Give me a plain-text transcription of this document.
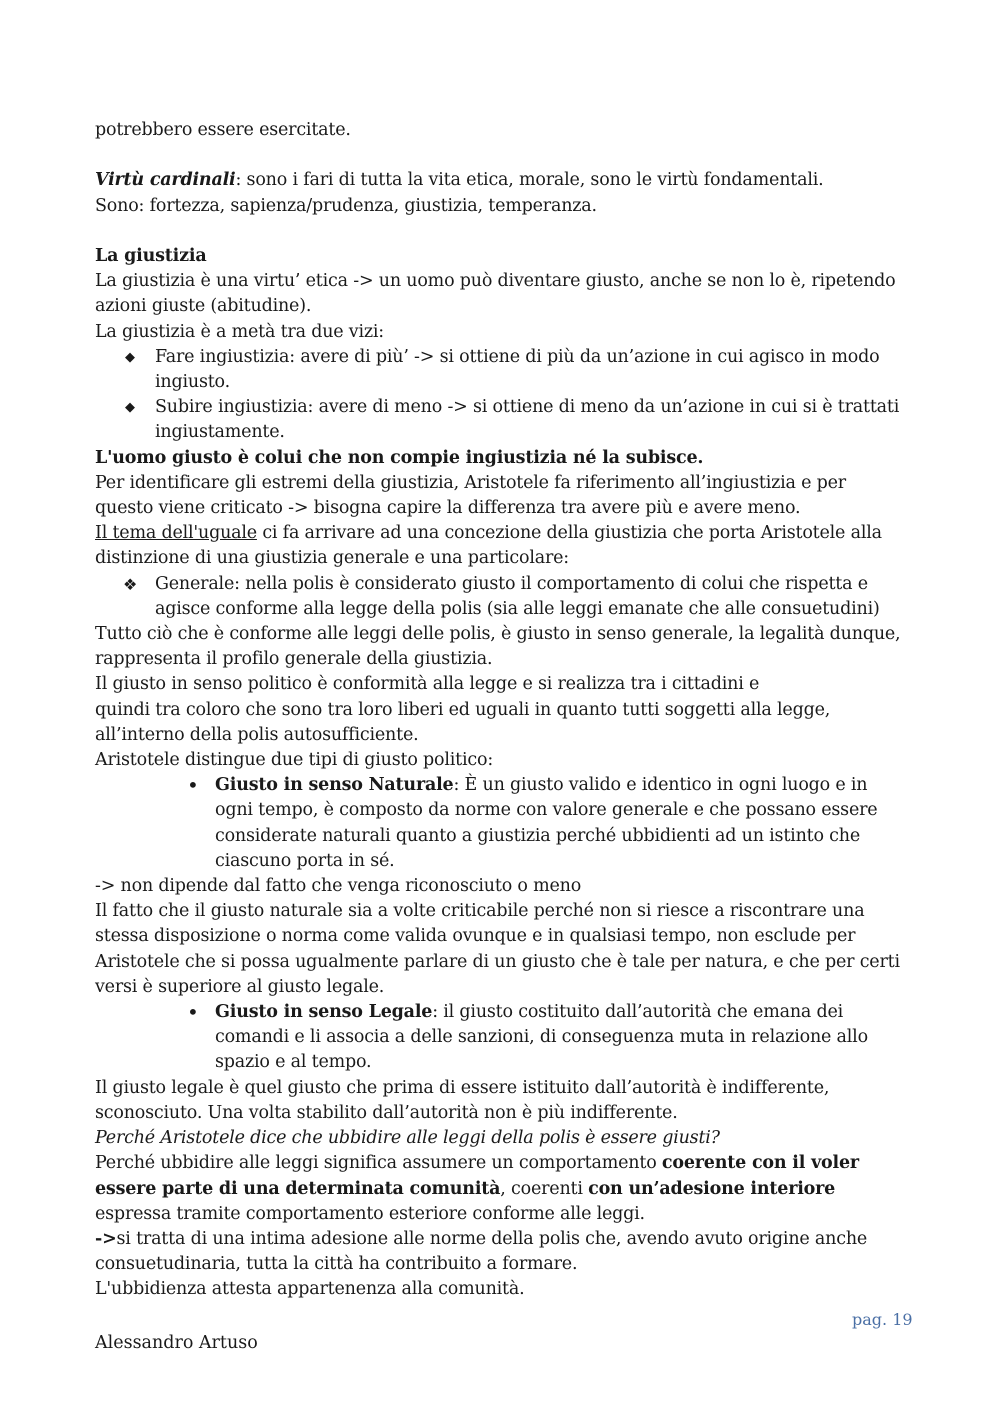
potrebbero essere esercitate.

Virtù cardinali: sono i fari di tutta la vita etica, morale, sono le virtù fondamentali.

Sono: fortezza, sapienza/prudenza, giustizia, temperanza.

La giustizia

La giustizia è una virtu’ etica -> un uomo può diventare giusto, anche se non lo è, ripetendo azioni giuste (abitudine).

La giustizia è a metà tra due vizi:

◆ Fare ingiustizia: avere di più’ -> si ottiene di più da un’azione in cui agisco in modo ingiusto.

◆ Subire ingiustizia: avere di meno -> si ottiene di meno da un’azione in cui si è trattati ingiustamente.

L'uomo giusto è colui che non compie ingiustizia né la subisce.

Per identificare gli estremi della giustizia, Aristotele fa riferimento all’ingiustizia e per questo viene criticato -> bisogna capire la differenza tra avere più e avere meno.

Il tema dell'uguale ci fa arrivare ad una concezione della giustizia che porta Aristotele alla distinzione di una giustizia generale e una particolare:

❖ Generale: nella polis è considerato giusto il comportamento di colui che rispetta e agisce conforme alla legge della polis (sia alle leggi emanate che alle consuetudini)

Tutto ciò che è conforme alle leggi delle polis, è giusto in senso generale, la legalità dunque, rappresenta il profilo generale della giustizia.

Il giusto in senso politico è conformità alla legge e si realizza tra i cittadini e

quindi tra coloro che sono tra loro liberi ed uguali in quanto tutti soggetti alla legge, all’interno della polis autosufficiente.

Aristotele distingue due tipi di giusto politico:

• Giusto in senso Naturale: È un giusto valido e identico in ogni luogo e in ogni tempo, è composto da norme con valore generale e che possano essere considerate naturali quanto a giustizia perché ubbidienti ad un istinto che ciascuno porta in sé.

-> non dipende dal fatto che venga riconosciuto o meno

Il fatto che il giusto naturale sia a volte criticabile perché non si riesce a riscontrare una stessa disposizione o norma come valida ovunque e in qualsiasi tempo, non esclude per Aristotele che si possa ugualmente parlare di un giusto che è tale per natura, e che per certi versi è superiore al giusto legale.

• Giusto in senso Legale: il giusto costituito dall’autorità che emana dei comandi e li associa a delle sanzioni, di conseguenza muta in relazione allo spazio e al tempo.

Il giusto legale è quel giusto che prima di essere istituito dall’autorità è indifferente, sconosciuto. Una volta stabilito dall’autorità non è più indifferente.

Perché Aristotele dice che ubbidire alle leggi della polis è essere giusti?

Perché ubbidire alle leggi significa assumere un comportamento coerente con il voler essere parte di una determinata comunità, coerenti con un’adesione interiore espressa tramite comportamento esteriore conforme alle leggi.

->si tratta di una intima adesione alle norme della polis che, avendo avuto origine anche consuetudinaria, tutta la città ha contribuito a formare.

L'ubbidienza attesta appartenenza alla comunità.

pag. 19
Alessandro Artuso
